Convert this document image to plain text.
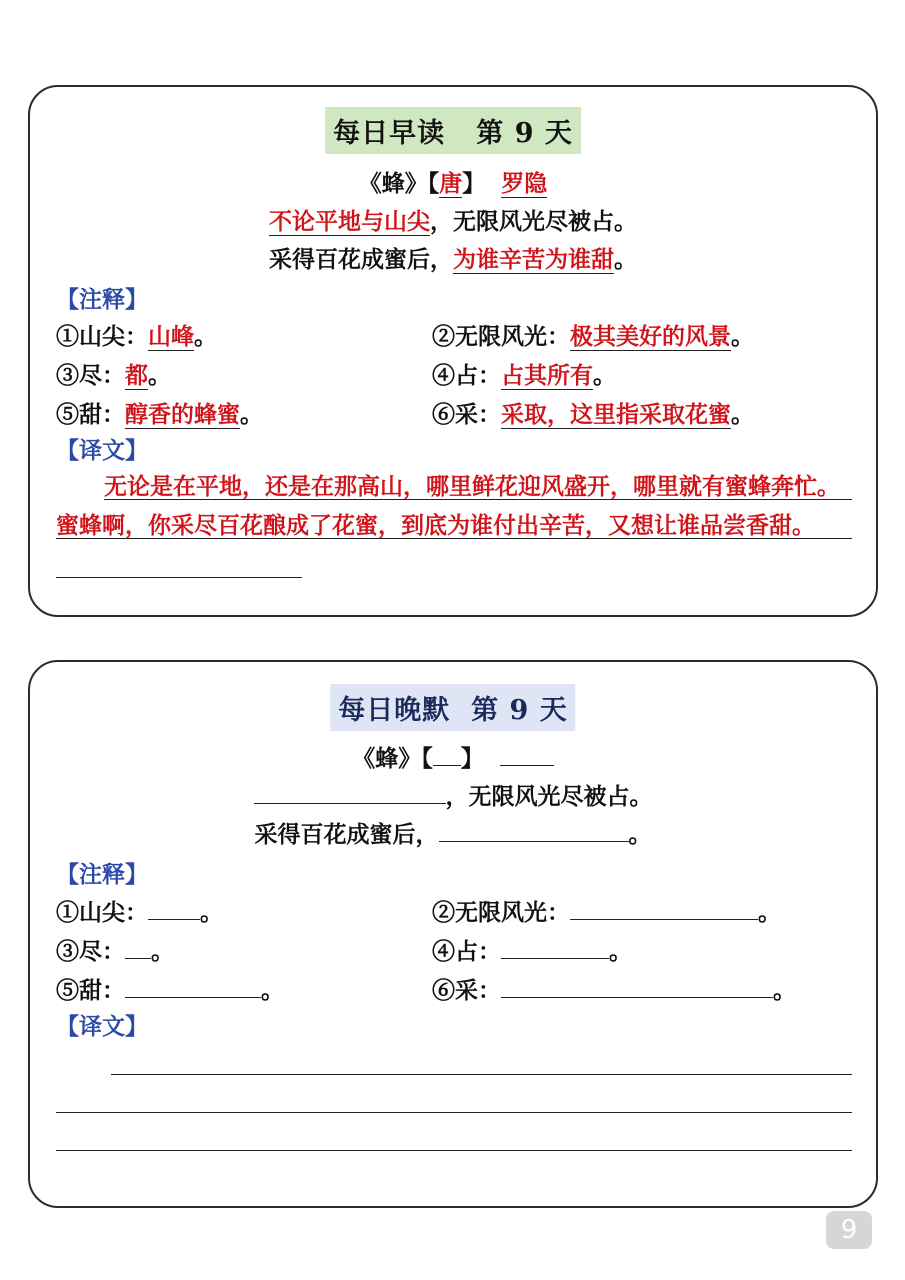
每日早读   第 9 天
《蜂》【唐】 罗隐
不论平地与山尖，无限风光尽被占。
采得百花成蜜后，为谁辛苦为谁甜。
【注释】
①山尖：山峰。	②无限风光：极其美好的风景。
③尽：都。	④占：占其所有。
⑤甜：醇香的蜂蜜。	⑥采：采取，这里指采取花蜜。
【译文】
无论是在平地，还是在那高山，哪里鲜花迎风盛开，哪里就有蜜蜂奔忙。蜜蜂啊，你采尽百花酿成了花蜜，到底为谁付出辛苦，又想让谁品尝香甜。
每日晚默  第 9 天
《蜂》【 】
，无限风光尽被占。
采得百花成蜜后，	。
【注释】
①山尖： 。	②无限风光：	。
③尽： 。	④占：	。
⑤甜：	。	⑥采：	。
【译文】
9
